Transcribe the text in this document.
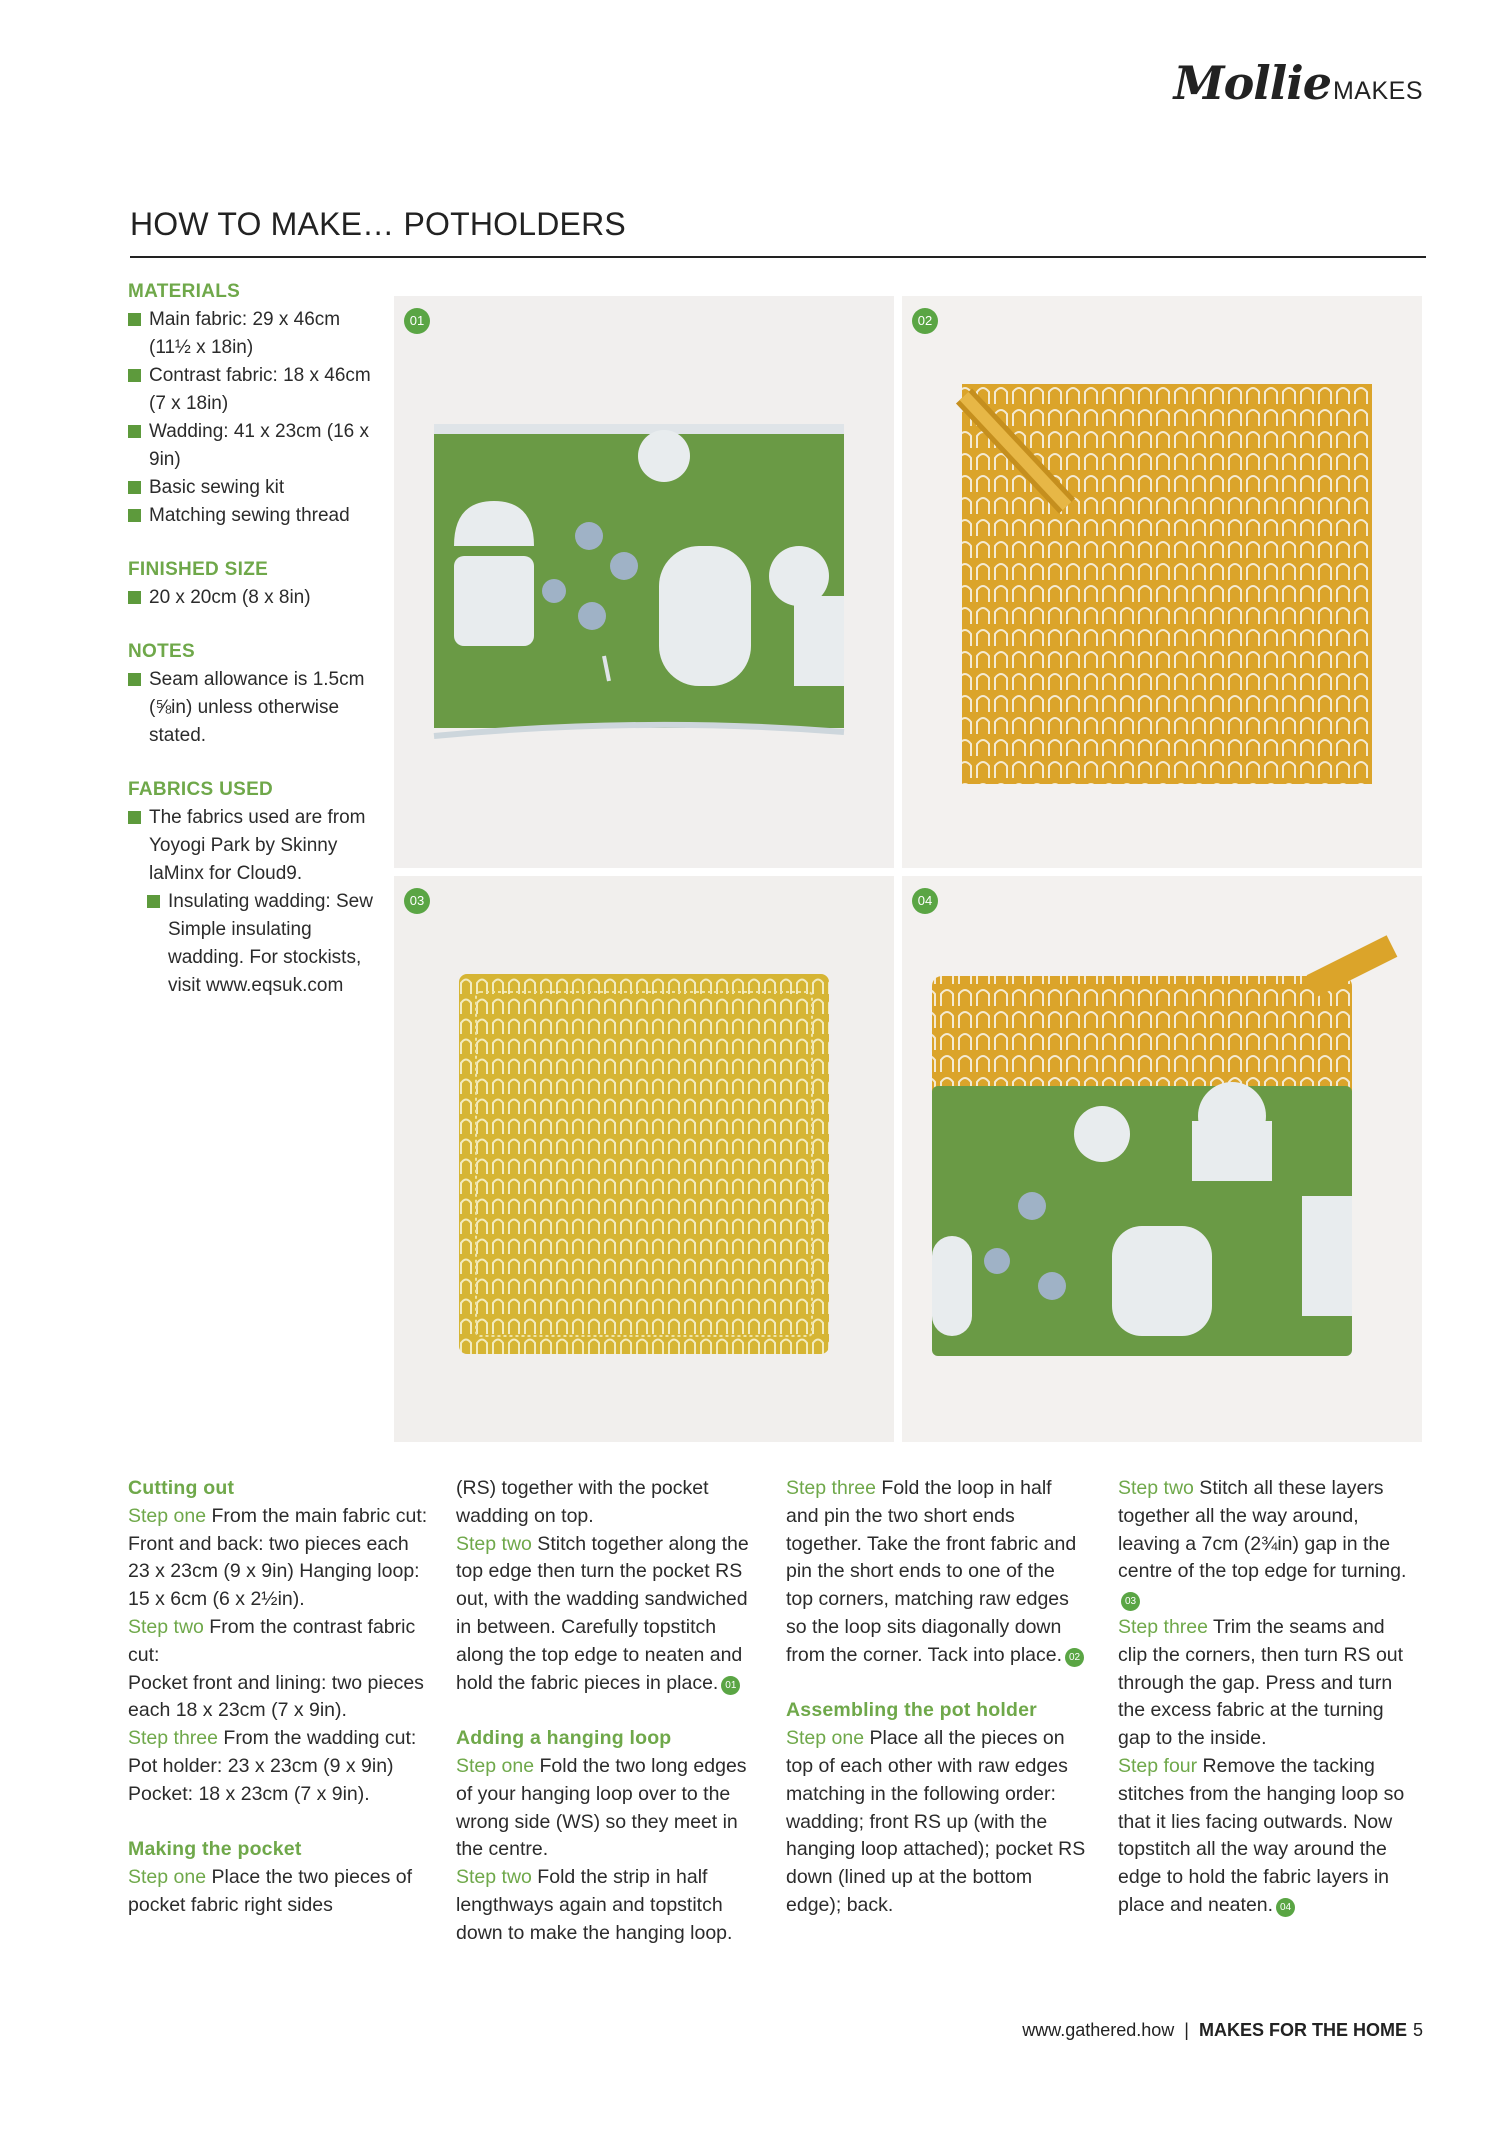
Mollie MAKES
HOW TO MAKE… POTHOLDERS
MATERIALS
Main fabric: 29 x 46cm (11½ x 18in)
Contrast fabric: 18 x 46cm (7 x 18in)
Wadding: 41 x 23cm (16 x 9in)
Basic sewing kit
Matching sewing thread
FINISHED SIZE
20 x 20cm (8 x 8in)
NOTES
Seam allowance is 1.5cm (⅝in) unless otherwise stated.
FABRICS USED
The fabrics used are from Yoyogi Park by Skinny laMinx for Cloud9.
Insulating wadding: Sew Simple insulating wadding. For stockists, visit www.eqsuk.com
01	02
03	04

Cutting out

Step one From the main fabric cut:

Front and back: two pieces each 23 x 23cm (9 x 9in) Hanging loop: 15 x 6cm (6 x 2½in).

Step two From the contrast fabric cut:

Pocket front and lining: two pieces each 18 x 23cm (7 x 9in).

Step three From the wadding cut:

Pot holder: 23 x 23cm (9 x 9in)

Pocket: 18 x 23cm (7 x 9in).

Making the pocket

Step one Place the two pieces of pocket fabric right sides

(RS) together with the pocket wadding on top.

Step two Stitch together along the top edge then turn the pocket RS out, with the wadding sandwiched in between. Carefully topstitch along the top edge to neaten and hold the fabric pieces in place. 01

Adding a hanging loop

Step one Fold the two long edges of your hanging loop over to the wrong side (WS) so they meet in the centre.

Step two Fold the strip in half lengthways again and topstitch down to make the hanging loop.

Step three Fold the loop in half and pin the two short ends together. Take the front fabric and pin the short ends to one of the top corners, matching raw edges so the loop sits diagonally down from the corner. Tack into place. 02

Assembling the pot holder

Step one Place all the pieces on top of each other with raw edges matching in the following order:

wadding; front RS up (with the hanging loop attached); pocket RS down (lined up at the bottom edge); back.

Step two Stitch all these layers together all the way around, leaving a 7cm (2¾in) gap in the centre of the top edge for turning.03

Step three Trim the seams and clip the corners, then turn RS out through the gap. Press and turn the excess fabric at the turning gap to the inside.

Step four Remove the tacking stitches from the hanging loop so that it lies facing outwards. Now topstitch all the way around the edge to hold the fabric layers in place and neaten. 04

www.gathered.how | MAKES FOR THE HOME 5
